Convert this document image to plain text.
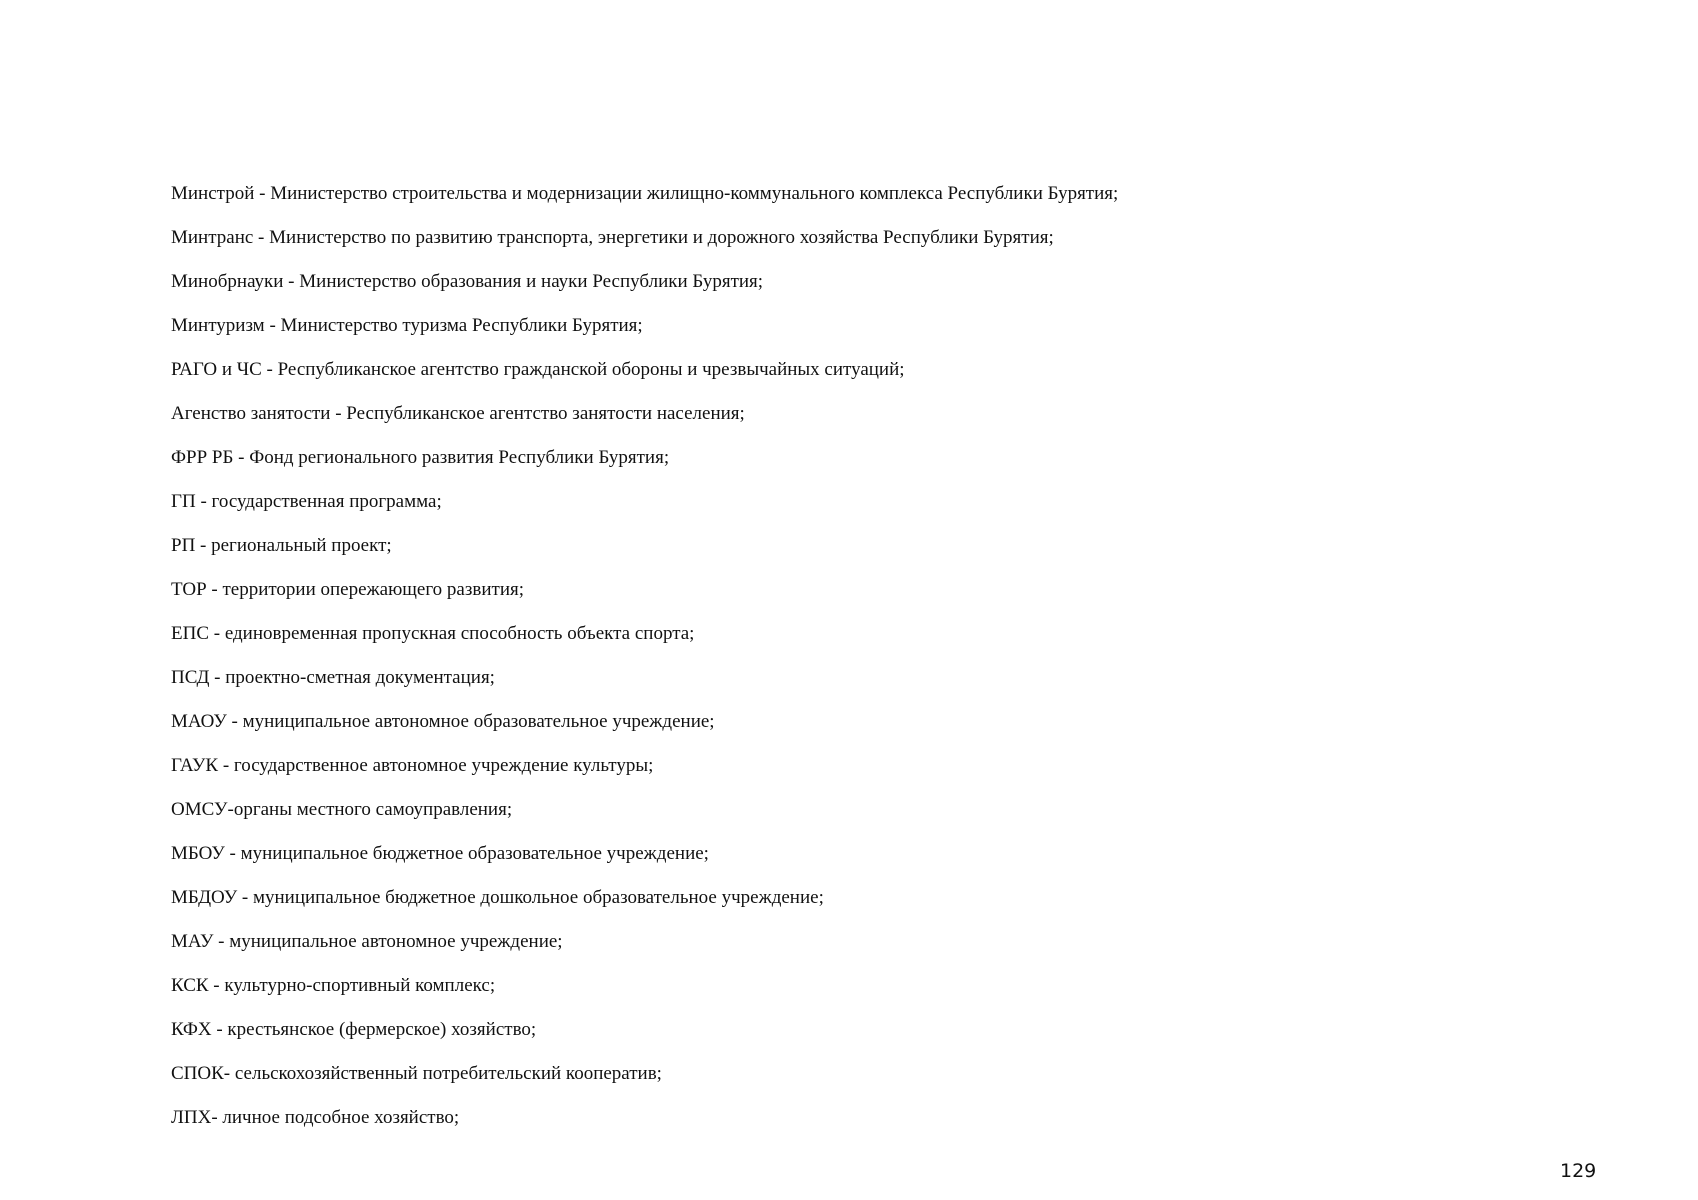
Минстрой - Министерство строительства и модернизации жилищно-коммунального комплекса Республики Бурятия;
Минтранс - Министерство по развитию транспорта, энергетики и дорожного хозяйства Республики Бурятия;
Минобрнауки - Министерство образования и науки Республики Бурятия;
Минтуризм - Министерство туризма Республики Бурятия;
РАГО и ЧС - Республиканское агентство гражданской обороны и чрезвычайных ситуаций;
Агенство занятости - Республиканское агентство занятости населения;
ФРР РБ - Фонд регионального развития Республики Бурятия;
ГП - государственная программа;
РП - региональный проект;
ТОР - территории опережающего развития;
ЕПС - единовременная пропускная способность объекта спорта;
ПСД - проектно-сметная документация;
МАОУ - муниципальное автономное образовательное учреждение;
ГАУК - государственное автономное учреждение культуры;
ОМСУ-органы местного самоуправления;
МБОУ - муниципальное бюджетное образовательное учреждение;
МБДОУ - муниципальное бюджетное дошкольное образовательное учреждение;
МАУ - муниципальное автономное учреждение;
КСК - культурно-спортивный комплекс;
КФХ - крестьянское (фермерское) хозяйство;
СПОК- сельскохозяйственный потребительский кооператив;
ЛПХ- личное подсобное хозяйство;
129
